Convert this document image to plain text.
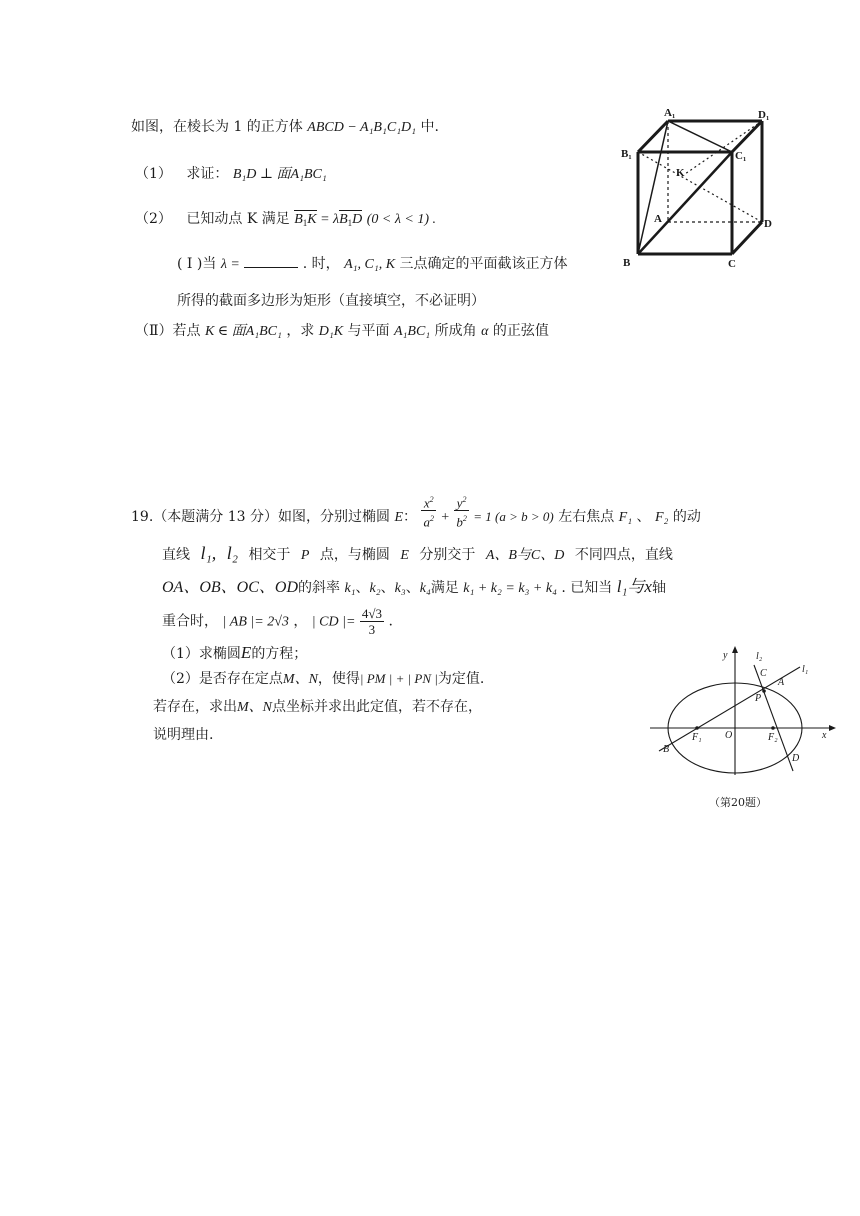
如图，在棱长为 1 的正方体 ABCD − A₁B₁C₁D₁ 中.
（1） 求证： B₁D ⊥ 面A₁BC₁
（2） 已知动点 K 满足 $B_1K = \lambda B_1D$ (0 < λ < 1) .
( I )当 λ =	. 时， A₁, C₁, K 三点确定的平面截该正方体
所得的截面多边形为矩形（直接填空，不必证明）
（Ⅱ）若点 K ∈ 面A₁BC₁ ，求 D₁K 与平面 A₁BC₁ 所成角 α 的正弦值
A₁	D₁
B₁	C₁
K
A	D
B	C
19.（本题满分 13 分）如图，分别过椭圆 E： $\frac{x^2}{a^2} + \frac{y^2}{b^2} = 1$ (a > b > 0) 左右焦点 F₁ 、 F₂ 的动
直线 l₁, l₂ 相交于 P 点，与椭圆 E 分别交于 A、B与C、D 不同四点，直线
OA、OB、OC、OD的斜率 k₁、k₂、k₃、k₄满足 k₁ + k₂ = k₃ + k₄ . 已知当 l₁与x轴
重合时， | AB |= 2√3 ， | CD |= $\frac{4√3}{3}$ .
（1）求椭圆E的方程；
（2）是否存在定点M、N，使得| PM | + | PN |为定值.
若存在，求出M、N点坐标并求出此定值，若不存在，
说明理由.
y	l₂
l₁
C
A
P
F₁ O	F₂	x
B
D
（第20题）
